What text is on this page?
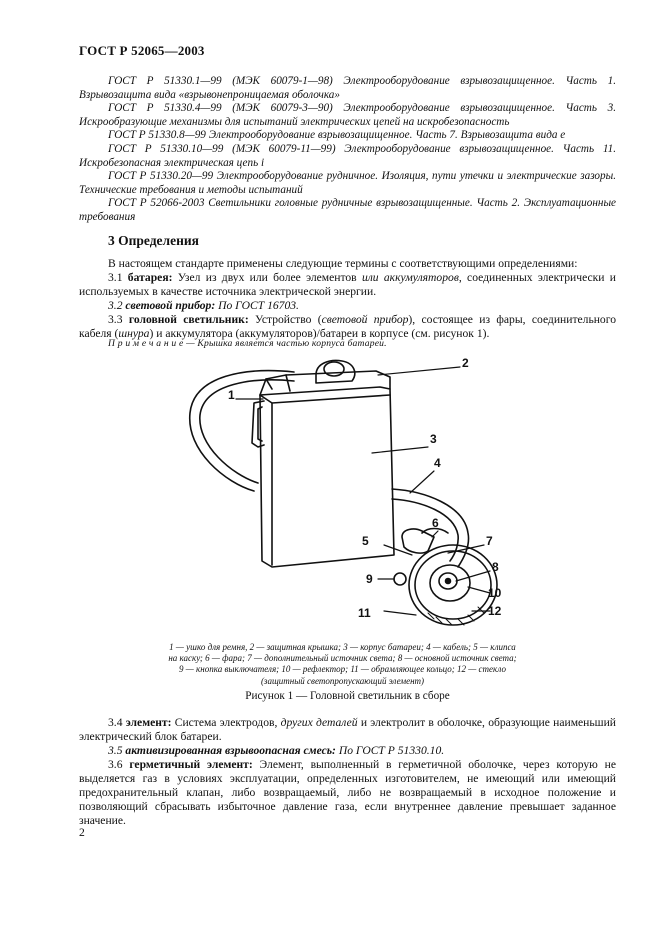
ГОСТ Р 52065—2003

ГОСТ Р 51330.1—99 (МЭК 60079-1—98) Электрооборудование взрывозащищенное. Часть 1. Взрывозащита вида «взрывонепроницаемая оболочка»

ГОСТ Р 51330.4—99 (МЭК 60079-3—90) Электрооборудование взрывозащищенное. Часть 3. Искрообразующие механизмы для испытаний электрических цепей на искробезопасность

ГОСТ Р 51330.8—99 Электрооборудование взрывозащищенное. Часть 7. Взрывозащита вида е

ГОСТ Р 51330.10—99 (МЭК 60079-11—99) Электрооборудование взрывозащищенное. Часть 11. Искробезопасная электрическая цепь i

ГОСТ Р 51330.20—99 Электрооборудование рудничное. Изоляция, пути утечки и электрические зазоры. Технические требования и методы испытаний

ГОСТ Р 52066-2003 Светильники головные рудничные взрывозащищенные. Часть 2. Эксплуатационные требования

3 Определения

В настоящем стандарте применены следующие термины с соответствующими определениями:

3.1 батарея: Узел из двух или более элементов или аккумуляторов, соединенных электрически и используемых в качестве источника электрической энергии.

3.2 световой прибор: По ГОСТ 16703.

3.3 головной светильник: Устройство (световой прибор), состоящее из фары, соединительного кабеля (шнура) и аккумулятора (аккумуляторов)/батареи в корпусе (см. рисунок 1).

П р и м е ч а н и е — Крышка является частью корпуса батареи.
1
2
3
4
5
6
7
8
9
10
11	12
1 — ушко для ремня, 2 — защитная крышка; 3 — корпус батареи; 4 — кабель; 5 — клипса на каску; 6 — фара; 7 — дополнительный источник света; 8 — основной источник света; 9 — кнопка выключателя; 10 — рефлектор; 11 — обрамляющее кольцо; 12 — стекло (защитный светопропускающий элемент)
Рисунок 1 — Головной светильник в сборе

3.4 элемент: Система электродов, других деталей и электролит в оболочке, образующие наименьший электрический блок батареи.

3.5 активизированная взрывоопасная смесь: По ГОСТ Р 51330.10.

3.6 герметичный элемент: Элемент, выполненный в герметичной оболочке, через которую не выделяется газ в условиях эксплуатации, определенных изготовителем, не имеющий или имеющий предохранительный клапан, либо возвращаемый, либо не возвращаемый в исходное положение и позволяющий сбрасывать избыточное давление газа, если внутреннее давление превышает заданное значение.

2
